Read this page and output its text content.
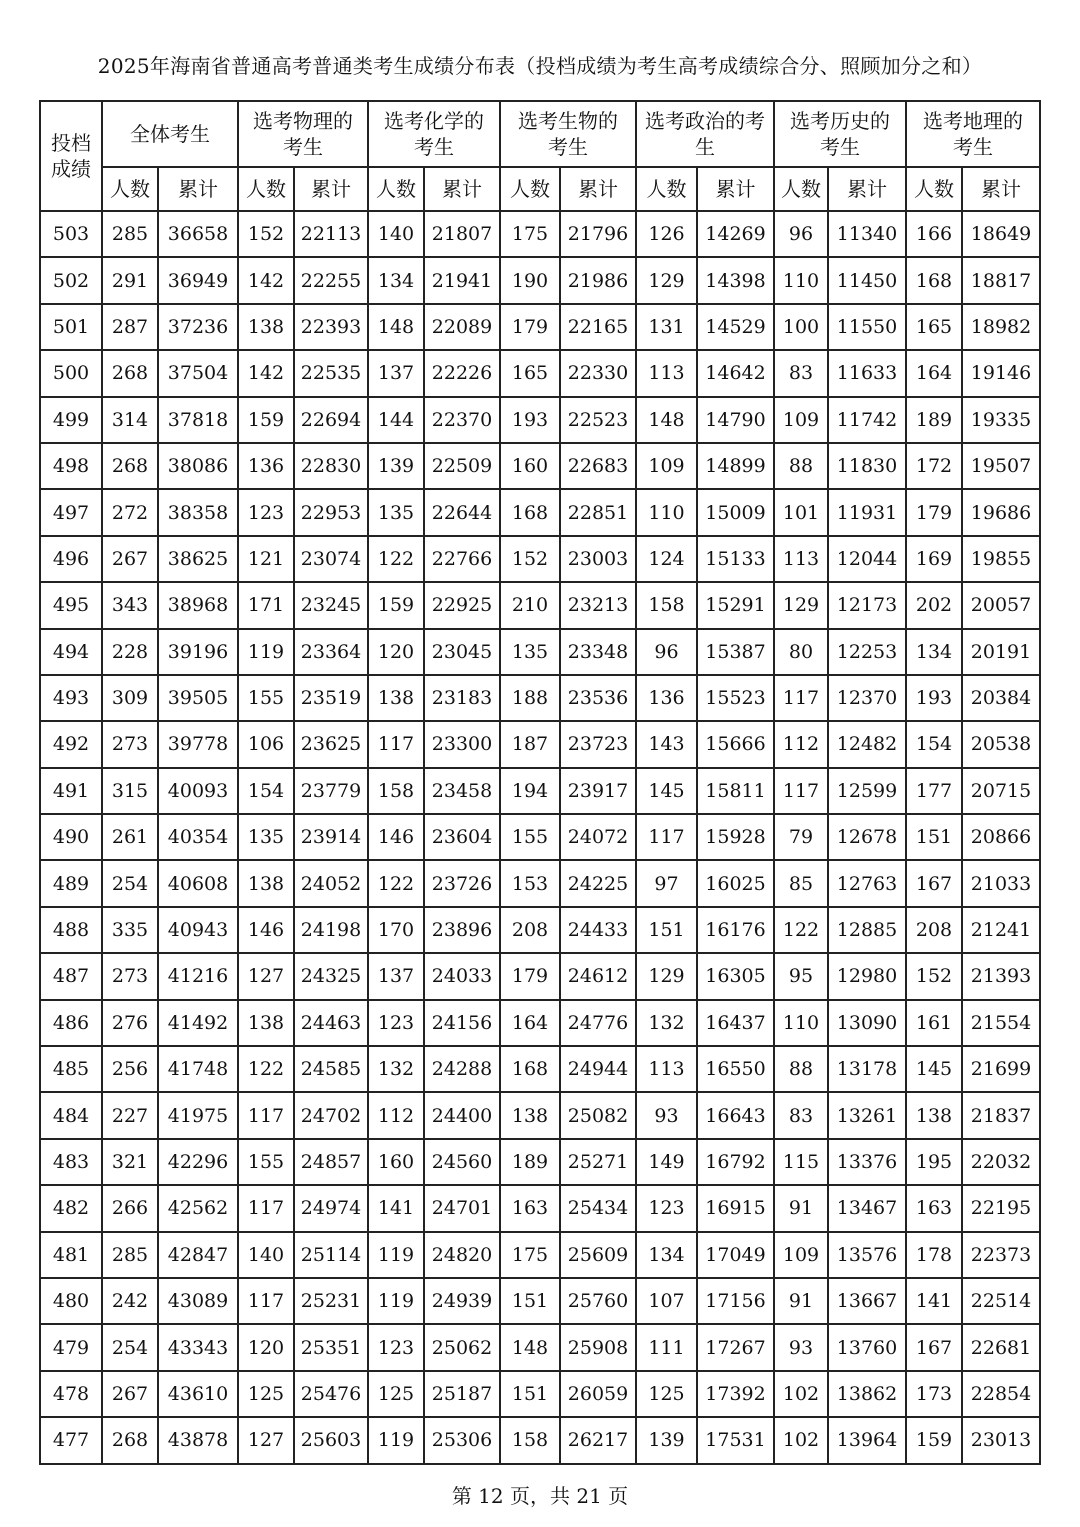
2025年海南省普通高考普通类考生成绩分布表（投档成绩为考生高考成绩综合分、照顾加分之和）
投档成绩	全体考生		选考物理的考生		选考化学的考生		选考生物的考生		选考政治的考生		选考历史的考生		选考地理的考生	
	人数	累计	人数	累计	人数	累计	人数	累计	人数	累计	人数	累计	人数	累计
503	285	36658	152	22113	140	21807	175	21796	126	14269	96	11340	166	18649
502	291	36949	142	22255	134	21941	190	21986	129	14398	110	11450	168	18817
501	287	37236	138	22393	148	22089	179	22165	131	14529	100	11550	165	18982
500	268	37504	142	22535	137	22226	165	22330	113	14642	83	11633	164	19146
499	314	37818	159	22694	144	22370	193	22523	148	14790	109	11742	189	19335
498	268	38086	136	22830	139	22509	160	22683	109	14899	88	11830	172	19507
497	272	38358	123	22953	135	22644	168	22851	110	15009	101	11931	179	19686
496	267	38625	121	23074	122	22766	152	23003	124	15133	113	12044	169	19855
495	343	38968	171	23245	159	22925	210	23213	158	15291	129	12173	202	20057
494	228	39196	119	23364	120	23045	135	23348	96	15387	80	12253	134	20191
493	309	39505	155	23519	138	23183	188	23536	136	15523	117	12370	193	20384
492	273	39778	106	23625	117	23300	187	23723	143	15666	112	12482	154	20538
491	315	40093	154	23779	158	23458	194	23917	145	15811	117	12599	177	20715
490	261	40354	135	23914	146	23604	155	24072	117	15928	79	12678	151	20866
489	254	40608	138	24052	122	23726	153	24225	97	16025	85	12763	167	21033
488	335	40943	146	24198	170	23896	208	24433	151	16176	122	12885	208	21241
487	273	41216	127	24325	137	24033	179	24612	129	16305	95	12980	152	21393
486	276	41492	138	24463	123	24156	164	24776	132	16437	110	13090	161	21554
485	256	41748	122	24585	132	24288	168	24944	113	16550	88	13178	145	21699
484	227	41975	117	24702	112	24400	138	25082	93	16643	83	13261	138	21837
483	321	42296	155	24857	160	24560	189	25271	149	16792	115	13376	195	22032
482	266	42562	117	24974	141	24701	163	25434	123	16915	91	13467	163	22195
481	285	42847	140	25114	119	24820	175	25609	134	17049	109	13576	178	22373
480	242	43089	117	25231	119	24939	151	25760	107	17156	91	13667	141	22514
479	254	43343	120	25351	123	25062	148	25908	111	17267	93	13760	167	22681
478	267	43610	125	25476	125	25187	151	26059	125	17392	102	13862	173	22854
477	268	43878	127	25603	119	25306	158	26217	139	17531	102	13964	159	23013
第 12 页，共 21 页
